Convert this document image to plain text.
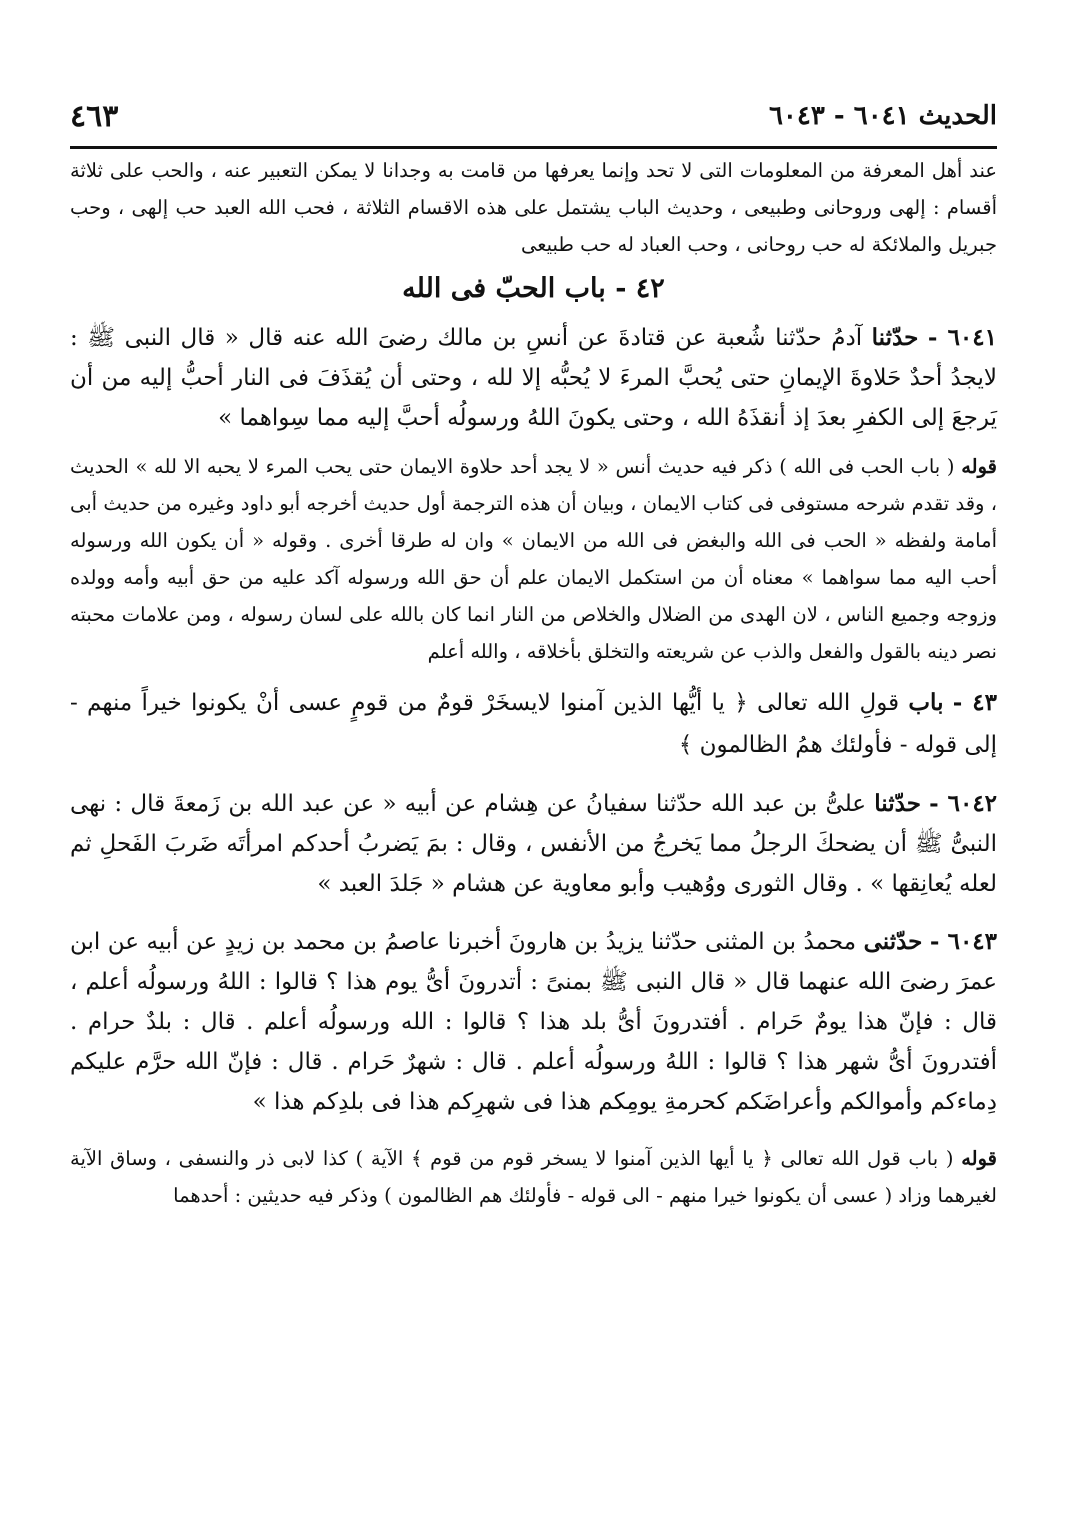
الحديث ٦٠٤١ - ٦٠٤٣
٤٦٣

عند أهل المعرفة من المعلومات التى لا تحد وإنما يعرفها من قامت به وجدانا لا يمكن التعبير عنه ، والحب على ثلاثة أقسام : إلهى وروحانى وطبيعى ، وحديث الباب يشتمل على هذه الاقسام الثلاثة ، فحب الله العبد حب إلهى ، وحب جبريل والملائكة له حب روحانى ، وحب العباد له حب طبيعى

٤٢ - باب الحبّ فى الله

٦٠٤١ - حدّثنا آدمُ حدّثنا شُعبة عن قتادةَ عن أنسِ بن مالك رضىَ الله عنه قال « قال النبى ﷺ : لايجدُ أحدٌ حَلاوةَ الإيمانِ حتى يُحبَّ المرءَ لا يُحبُّه إلا لله ، وحتى أن يُقذَفَ فى النار أحبُّ إليه من أن يَرجعَ إلى الكفرِ بعدَ إذ أنقذَهُ الله ، وحتى يكونَ اللهُ ورسولُه أحبَّ إليه مما سِواهما »

قوله ( باب الحب فى الله ) ذكر فيه حديث أنس « لا يجد أحد حلاوة الايمان حتى يحب المرء لا يحبه الا لله » الحديث ، وقد تقدم شرحه مستوفى فى كتاب الايمان ، وبيان أن هذه الترجمة أول حديث أخرجه أبو داود وغيره من حديث أبى أمامة ولفظه « الحب فى الله والبغض فى الله من الايمان » وان له طرقا أخرى . وقوله « أن يكون الله ورسوله أحب اليه مما سواهما » معناه أن من استكمل الايمان علم أن حق الله ورسوله آكد عليه من حق أبيه وأمه وولده وزوجه وجميع الناس ، لان الهدى من الضلال والخلاص من النار انما كان بالله على لسان رسوله ، ومن علامات محبته نصر دينه بالقول والفعل والذب عن شريعته والتخلق بأخلاقه ، والله أعلم

٤٣ - باب قولِ الله تعالى ﴿ يا أيُّها الذين آمنوا لايسخَرْ قومٌ من قومٍ عسى أنْ يكونوا خيراً منهم - إلى قوله - فأولئك همُ الظالمون ﴾

٦٠٤٢ - حدّثنا علىُّ بن عبد الله حدّثنا سفيانُ عن هِشام عن أبيه « عن عبد الله بن زَمعةَ قال : نهى النبىُّ ﷺ أن يضحكَ الرجلُ مما يَخرجُ من الأنفس ، وقال : بمَ يَضربُ أحدكم امرأتَه ضَربَ الفَحلِ ثم لعله يُعانِقها » . وقال الثورى ووُهيب وأبو معاوية عن هشام « جَلدَ العبد »

٦٠٤٣ - حدّثنى محمدُ بن المثنى حدّثنا يزيدُ بن هارونَ أخبرنا عاصمُ بن محمد بن زيدٍ عن أبيه عن ابن عمرَ رضىَ الله عنهما قال « قال النبى ﷺ بمنىً : أتدرونَ أىُّ يوم هذا ؟ قالوا : اللهُ ورسولُه أعلم ، قال : فإنّ هذا يومٌ حَرام . أفتدرونَ أىُّ بلد هذا ؟ قالوا : الله ورسولُه أعلم . قال : بلدٌ حرام . أفتدرونَ أىُّ شهر هذا ؟ قالوا : اللهُ ورسولُه أعلم . قال : شهرٌ حَرام . قال : فإنّ الله حرَّم عليكم دِماءكم وأموالكم وأعراضَكم كحرمةِ يومِكم هذا فى شهرِكم هذا فى بلدِكم هذا »

قوله ( باب قول الله تعالى ﴿ يا أيها الذين آمنوا لا يسخر قوم من قوم ﴾ الآية ) كذا لابى ذر والنسفى ، وساق الآية لغيرهما وزاد ( عسى أن يكونوا خيرا منهم - الى قوله - فأولئك هم الظالمون ) وذكر فيه حديثين : أحدهما
